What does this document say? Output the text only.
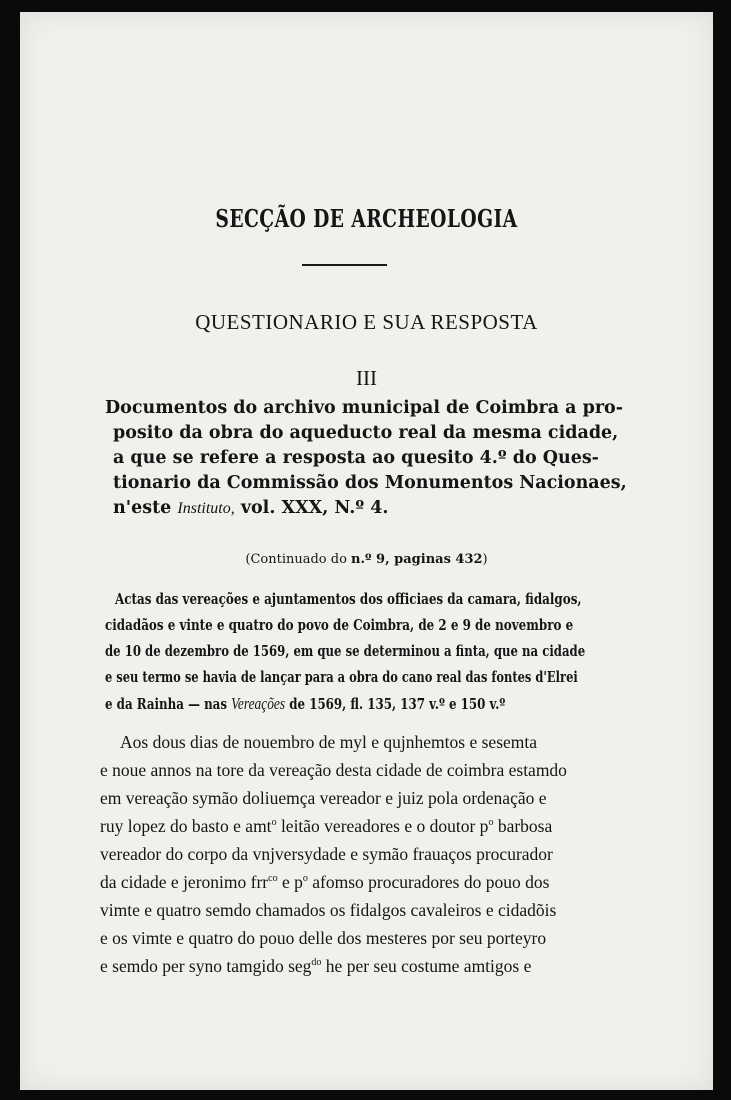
SECÇÃO DE ARCHEOLOGIA
QUESTIONARIO E SUA RESPOSTA
III
Documentos do archivo municipal de Coimbra a pro-
posito da obra do aqueducto real da mesma cidade,
a que se refere a resposta ao quesito 4.º do Ques-
tionario da Commissão dos Monumentos Nacionaes,
n'este Instituto, vol. XXX, N.º 4.
(Continuado do n.º 9, paginas 432)
Actas das vereações e ajuntamentos dos officiaes da camara, fidalgos,
cidadãos e vinte e quatro do povo de Coimbra, de 2 e 9 de novembro e
de 10 de dezembro de 1569, em que se determinou a finta, que na cidade
e seu termo se havia de lançar para a obra do cano real das fontes d'Elrei
e da Rainha — nas Vereações de 1569, fl. 135, 137 v.º e 150 v.º
Aos dous dias de nouembro de myl e qujnhemtos e sesemta
e noue annos na tore da vereação desta cidade de coimbra estamdo
em vereação symão doliuemça vereador e juiz pola ordenação e
ruy lopez do basto e amt$^o$ leitão vereadores e o doutor $p^o$ barbosa
vereador do corpo da vnjversydade e symão frauaços procurador
da cidade e jeronimo frr$^{co}$ e $p^o$ afomso procuradores do pouo dos
vimte e quatro semdo chamados os fidalgos cavaleiros e cidadõis
e os vimte e quatro do pouo delle dos mesteres por seu porteyro
e semdo per syno tamgido seg$^{do}$ he per seu costume amtigos e
